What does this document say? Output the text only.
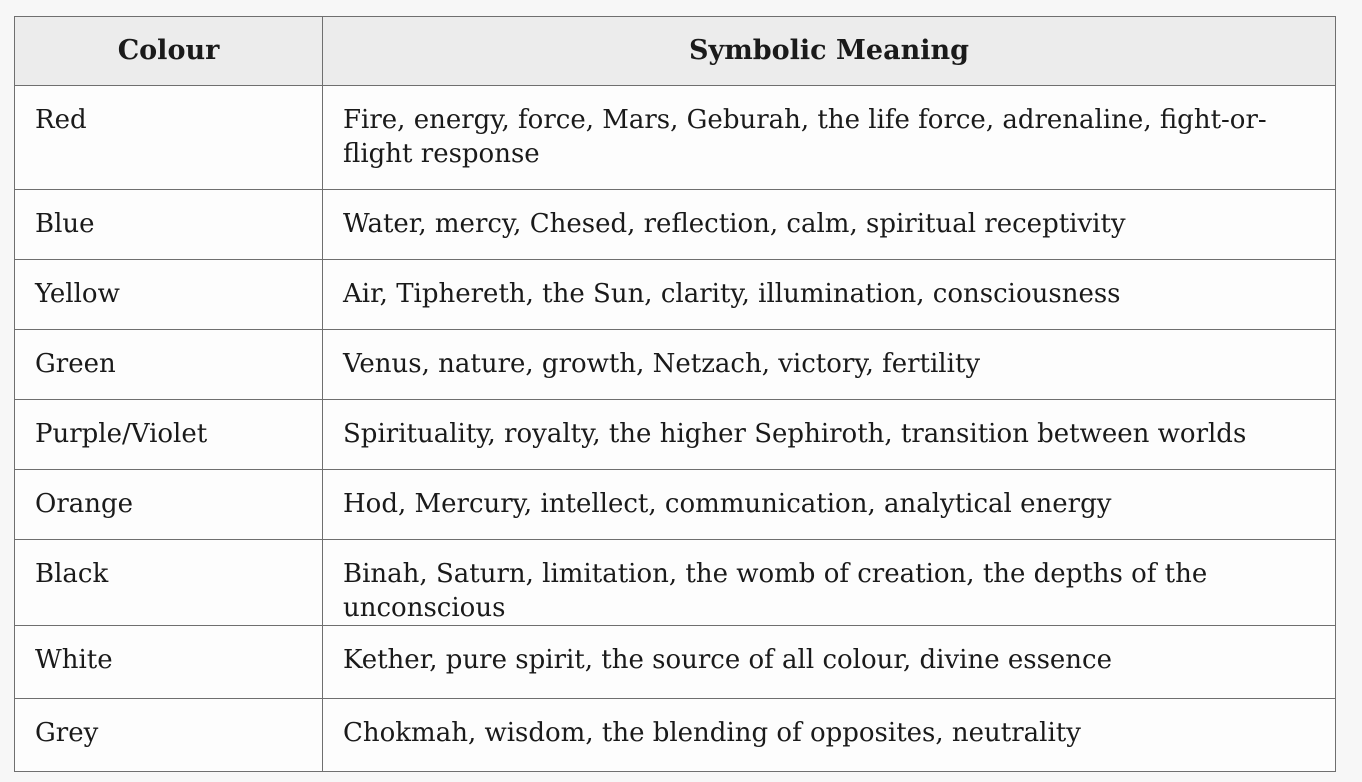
Colour	Symbolic Meaning
Red	Fire, energy, force, Mars, Geburah, the life force, adrenaline, fight-or-flight response
Blue	Water, mercy, Chesed, reflection, calm, spiritual receptivity
Yellow	Air, Tiphereth, the Sun, clarity, illumination, consciousness
Green	Venus, nature, growth, Netzach, victory, fertility
Purple/Violet	Spirituality, royalty, the higher Sephiroth, transition between worlds
Orange	Hod, Mercury, intellect, communication, analytical energy
Black	Binah, Saturn, limitation, the womb of creation, the depths of the unconscious
White	Kether, pure spirit, the source of all colour, divine essence
Grey	Chokmah, wisdom, the blending of opposites, neutrality
